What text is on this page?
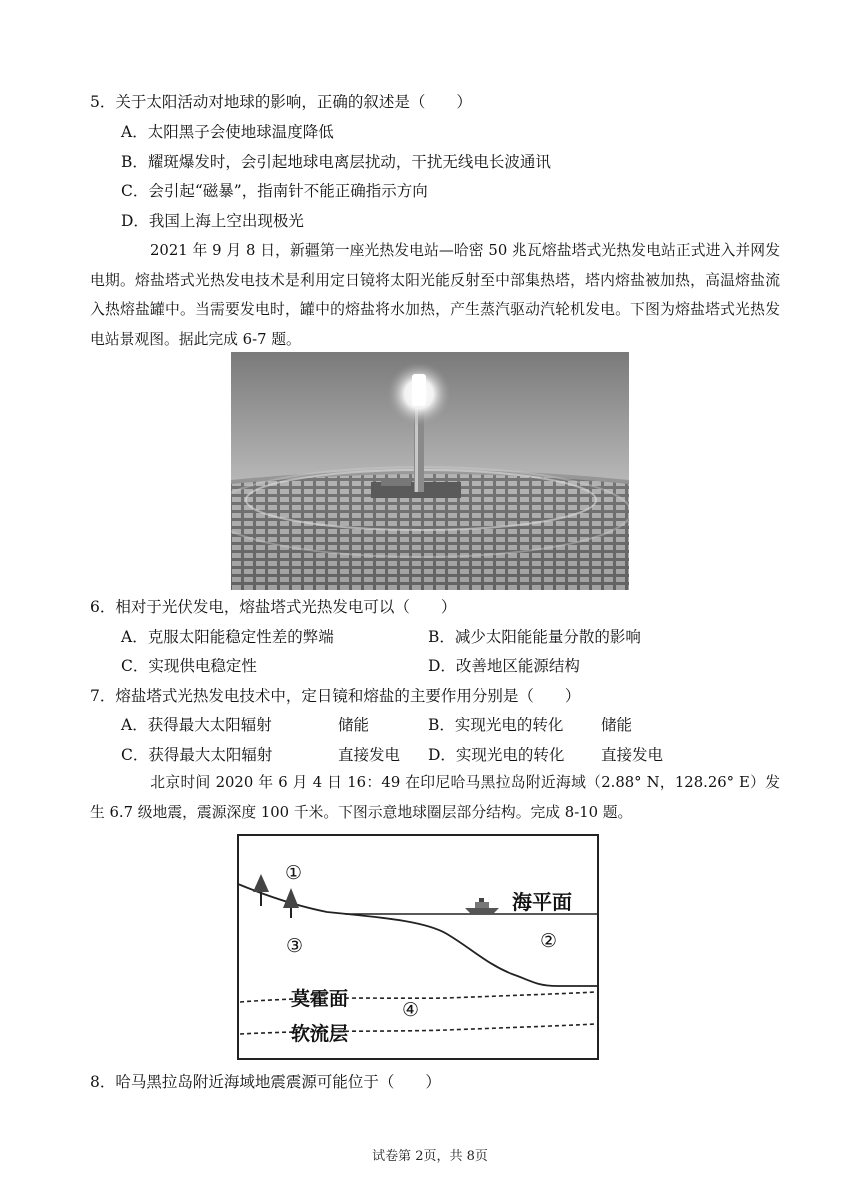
5．关于太阳活动对地球的影响，正确的叙述是（　　）
A．太阳黑子会使地球温度降低
B．耀斑爆发时，会引起地球电离层扰动，干扰无线电长波通讯
C．会引起“磁暴”，指南针不能正确指示方向
D．我国上海上空出现极光
2021 年 9 月 8 日，新疆第一座光热发电站—哈密 50 兆瓦熔盐塔式光热发电站正式进入并网发电期。熔盐塔式光热发电技术是利用定日镜将太阳光能反射至中部集热塔，塔内熔盐被加热，高温熔盐流入热熔盐罐中。当需要发电时，罐中的熔盐将水加热，产生蒸汽驱动汽轮机发电。下图为熔盐塔式光热发电站景观图。据此完成 6-7 题。
6．相对于光伏发电，熔盐塔式光热发电可以（　　）
A．克服太阳能稳定性差的弊端	B．减少太阳能能量分散的影响
C．实现供电稳定性	D．改善地区能源结构
7．熔盐塔式光热发电技术中，定日镜和熔盐的主要作用分别是（　　）
A．获得最大太阳辐射	储能	B．实现光电的转化 储能
C．获得最大太阳辐射	直接发电 D．实现光电的转化 直接发电
北京时间 2020 年 6 月 4 日 16：49 在印尼哈马黑拉岛附近海域（2.88° N，128.26° E）发生 6.7 级地震，震源深度 100 千米。下图示意地球圈层部分结构。完成 8-10 题。
①
③	②
④
海平面
莫霍面
软流层
8．哈马黑拉岛附近海域地震震源可能位于（　　）
试卷第 2页，共 8页
